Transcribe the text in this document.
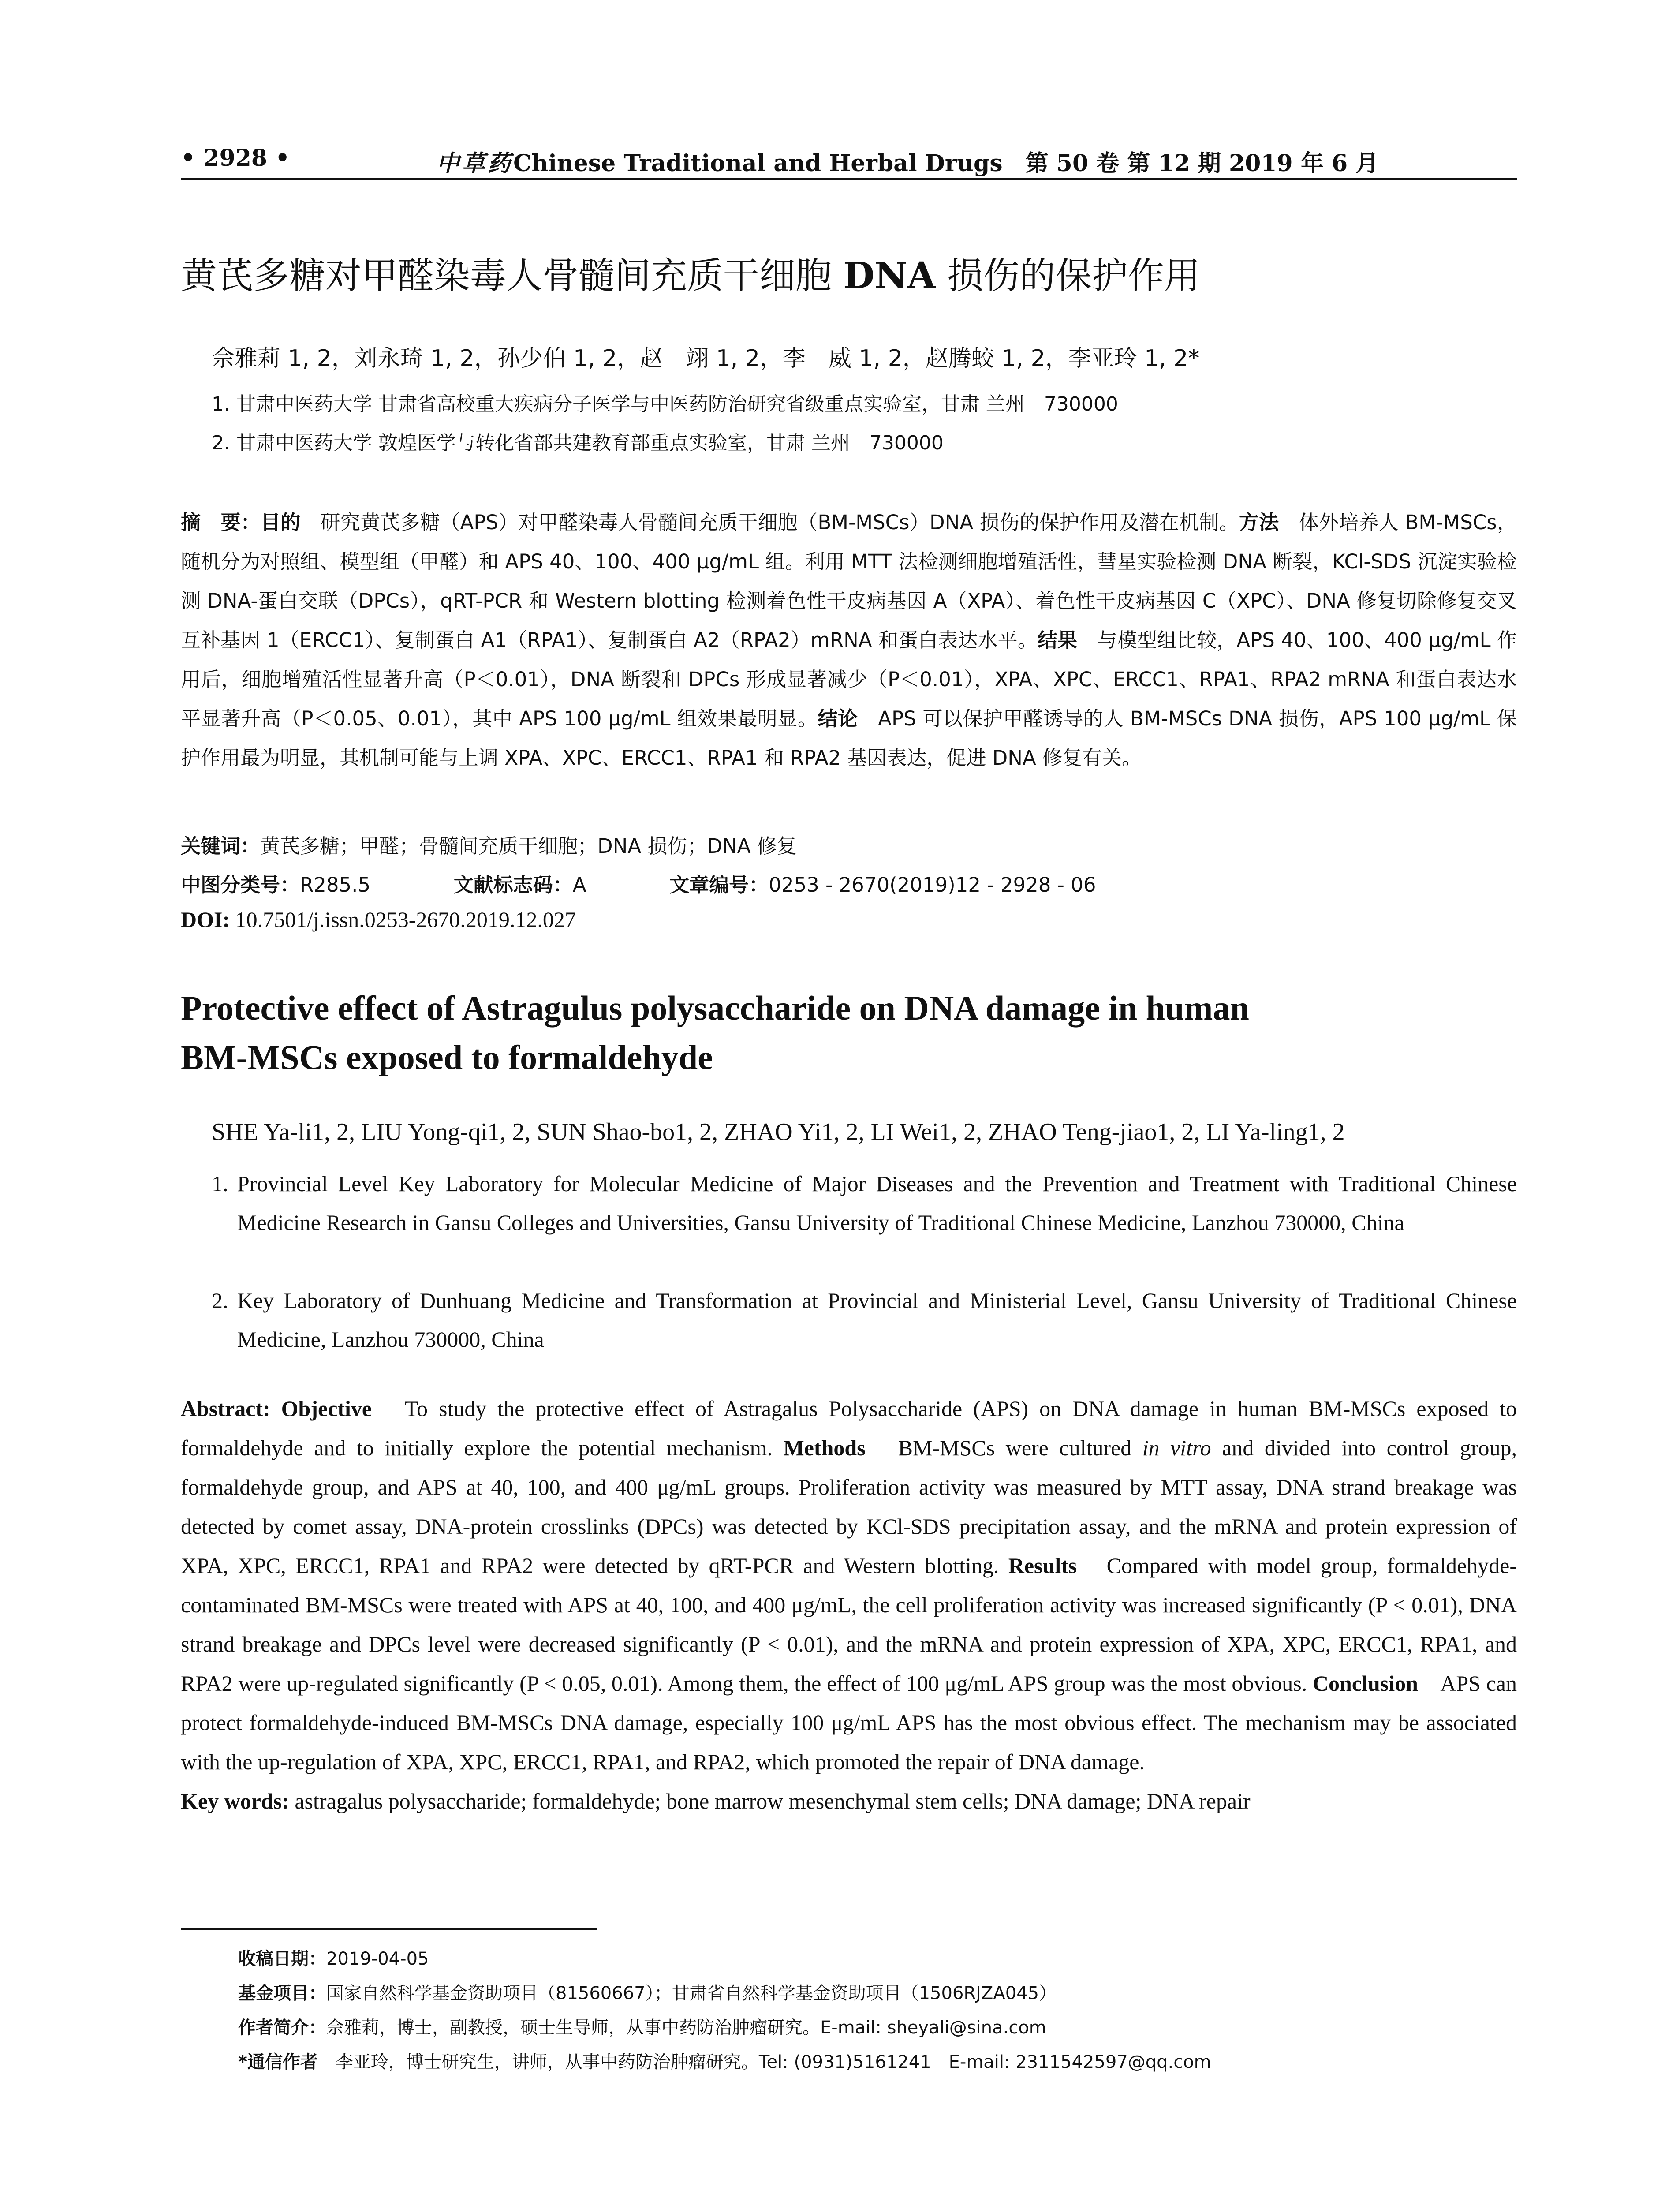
• 2928 •	中草药Chinese Traditional and Herbal Drugs　第 50 卷 第 12 期 2019 年 6 月
黄芪多糖对甲醛染毒人骨髓间充质干细胞 DNA 损伤的保护作用
佘雅莉 1, 2，刘永琦 1, 2，孙少伯 1, 2，赵　翊 1, 2，李　威 1, 2，赵腾蛟 1, 2，李亚玲 1, 2*
1. 甘肃中医药大学 甘肃省高校重大疾病分子医学与中医药防治研究省级重点实验室，甘肃 兰州　730000
2. 甘肃中医药大学 敦煌医学与转化省部共建教育部重点实验室，甘肃 兰州　730000
摘　要：目的　研究黄芪多糖（APS）对甲醛染毒人骨髓间充质干细胞（BM-MSCs）DNA 损伤的保护作用及潜在机制。方法　体外培养人 BM-MSCs，随机分为对照组、模型组（甲醛）和 APS 40、100、400 μg/mL 组。利用 MTT 法检测细胞增殖活性，彗星实验检测 DNA 断裂，KCl-SDS 沉淀实验检测 DNA-蛋白交联（DPCs），qRT-PCR 和 Western blotting 检测着色性干皮病基因 A（XPA）、着色性干皮病基因 C（XPC）、DNA 修复切除修复交叉互补基因 1（ERCC1）、复制蛋白 A1（RPA1）、复制蛋白 A2（RPA2）mRNA 和蛋白表达水平。结果　与模型组比较，APS 40、100、400 μg/mL 作用后，细胞增殖活性显著升高（P＜0.01），DNA 断裂和 DPCs 形成显著减少（P＜0.01），XPA、XPC、ERCC1、RPA1、RPA2 mRNA 和蛋白表达水平显著升高（P＜0.05、0.01），其中 APS 100 μg/mL 组效果最明显。结论　APS 可以保护甲醛诱导的人 BM-MSCs DNA 损伤，APS 100 μg/mL 保护作用最为明显，其机制可能与上调 XPA、XPC、ERCC1、RPA1 和 RPA2 基因表达，促进 DNA 修复有关。
关键词：黄芪多糖；甲醛；骨髓间充质干细胞；DNA 损伤；DNA 修复
中图分类号：R285.5	文献标志码：A	文章编号：0253 - 2670(2019)12 - 2928 - 06
DOI: 10.7501/j.issn.0253-2670.2019.12.027
Protective effect of Astragulus polysaccharide on DNA damage in human
BM-MSCs exposed to formaldehyde
SHE Ya-li1, 2, LIU Yong-qi1, 2, SUN Shao-bo1, 2, ZHAO Yi1, 2, LI Wei1, 2, ZHAO Teng-jiao1, 2, LI Ya-ling1, 2
1. Provincial Level Key Laboratory for Molecular Medicine of Major Diseases and the Prevention and Treatment with Traditional Chinese Medicine Research in Gansu Colleges and Universities, Gansu University of Traditional Chinese Medicine, Lanzhou 730000, China
2. Key Laboratory of Dunhuang Medicine and Transformation at Provincial and Ministerial Level, Gansu University of Traditional Chinese Medicine, Lanzhou 730000, China
Abstract: Objective　To study the protective effect of Astragalus Polysaccharide (APS) on DNA damage in human BM-MSCs exposed to formaldehyde and to initially explore the potential mechanism. Methods　BM-MSCs were cultured in vitro and divided into control group, formaldehyde group, and APS at 40, 100, and 400 μg/mL groups. Proliferation activity was measured by MTT assay, DNA strand breakage was detected by comet assay, DNA-protein crosslinks (DPCs) was detected by KCl-SDS precipitation assay, and the mRNA and protein expression of XPA, XPC, ERCC1, RPA1 and RPA2 were detected by qRT-PCR and Western blotting. Results　Compared with model group, formaldehyde-contaminated BM-MSCs were treated with APS at 40, 100, and 400 μg/mL, the cell proliferation activity was increased significantly (P < 0.01), DNA strand breakage and DPCs level were decreased significantly (P < 0.01), and the mRNA and protein expression of XPA, XPC, ERCC1, RPA1, and RPA2 were up-regulated significantly (P < 0.05, 0.01). Among them, the effect of 100 μg/mL APS group was the most obvious. Conclusion　APS can protect formaldehyde-induced BM-MSCs DNA damage, especially 100 μg/mL APS has the most obvious effect. The mechanism may be associated with the up-regulation of XPA, XPC, ERCC1, RPA1, and RPA2, which promoted the repair of DNA damage.
Key words: astragalus polysaccharide; formaldehyde; bone marrow mesenchymal stem cells; DNA damage; DNA repair
收稿日期：2019-04-05
基金项目：国家自然科学基金资助项目（81560667）；甘肃省自然科学基金资助项目（1506RJZA045）
作者简介：佘雅莉，博士，副教授，硕士生导师，从事中药防治肿瘤研究。E-mail: sheyali@sina.com
*通信作者　李亚玲，博士研究生，讲师，从事中药防治肿瘤研究。Tel: (0931)5161241　E-mail: 2311542597@qq.com
